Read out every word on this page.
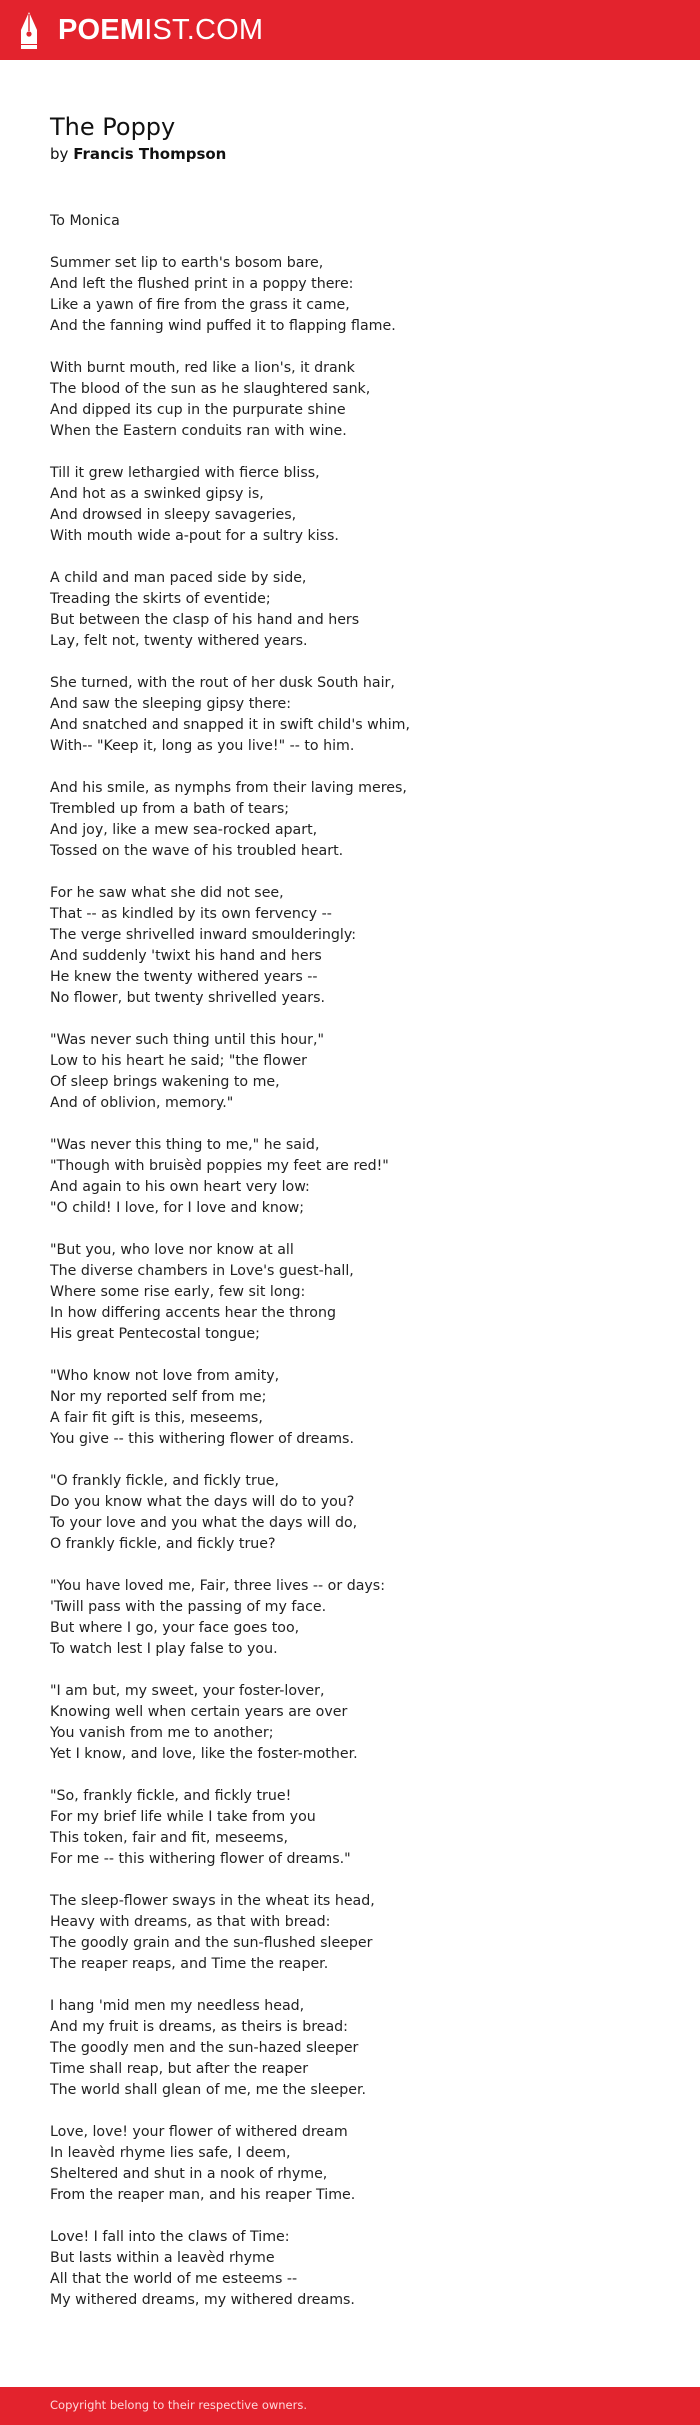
POEMIST.COM
The Poppy
by Francis Thompson

To Monica

Summer set lip to earth's bosom bare,
And left the flushed print in a poppy there:
Like a yawn of fire from the grass it came,
And the fanning wind puffed it to flapping flame.

With burnt mouth, red like a lion's, it drank
The blood of the sun as he slaughtered sank,
And dipped its cup in the purpurate shine
When the Eastern conduits ran with wine.

Till it grew lethargied with fierce bliss,
And hot as a swinked gipsy is,
And drowsed in sleepy savageries,
With mouth wide a-pout for a sultry kiss.

A child and man paced side by side,
Treading the skirts of eventide;
But between the clasp of his hand and hers
Lay, felt not, twenty withered years.

She turned, with the rout of her dusk South hair,
And saw the sleeping gipsy there:
And snatched and snapped it in swift child's whim,
With-- "Keep it, long as you live!" -- to him.

And his smile, as nymphs from their laving meres,
Trembled up from a bath of tears;
And joy, like a mew sea-rocked apart,
Tossed on the wave of his troubled heart.

For he saw what she did not see,
That -- as kindled by its own fervency --
The verge shrivelled inward smoulderingly:
And suddenly 'twixt his hand and hers
He knew the twenty withered years --
No flower, but twenty shrivelled years.

"Was never such thing until this hour,"
Low to his heart he said; "the flower
Of sleep brings wakening to me,
And of oblivion, memory."

"Was never this thing to me," he said,
"Though with bruisèd poppies my feet are red!"
And again to his own heart very low:
"O child! I love, for I love and know;

"But you, who love nor know at all
The diverse chambers in Love's guest-hall,
Where some rise early, few sit long:
In how differing accents hear the throng
His great Pentecostal tongue;

"Who know not love from amity,
Nor my reported self from me;
A fair fit gift is this, meseems,
You give -- this withering flower of dreams.

"O frankly fickle, and fickly true,
Do you know what the days will do to you?
To your love and you what the days will do,
O frankly fickle, and fickly true?

"You have loved me, Fair, three lives -- or days:
'Twill pass with the passing of my face.
But where I go, your face goes too,
To watch lest I play false to you.

"I am but, my sweet, your foster-lover,
Knowing well when certain years are over
You vanish from me to another;
Yet I know, and love, like the foster-mother.

"So, frankly fickle, and fickly true!
For my brief life while I take from you
This token, fair and fit, meseems,
For me -- this withering flower of dreams."

The sleep-flower sways in the wheat its head,
Heavy with dreams, as that with bread:
The goodly grain and the sun-flushed sleeper
The reaper reaps, and Time the reaper.

I hang 'mid men my needless head,
And my fruit is dreams, as theirs is bread:
The goodly men and the sun-hazed sleeper
Time shall reap, but after the reaper
The world shall glean of me, me the sleeper.

Love, love! your flower of withered dream
In leavèd rhyme lies safe, I deem,
Sheltered and shut in a nook of rhyme,
From the reaper man, and his reaper Time.

Love! I fall into the claws of Time:
But lasts within a leavèd rhyme
All that the world of me esteems --
My withered dreams, my withered dreams.

Copyright belong to their respective owners.
